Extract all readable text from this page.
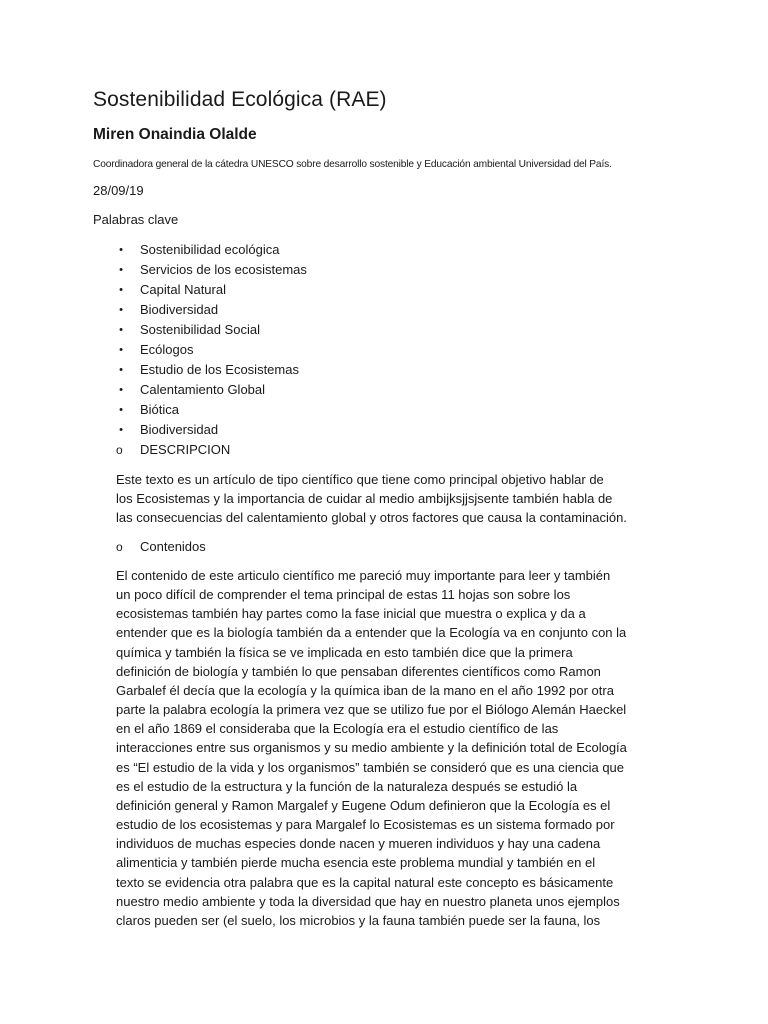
Sostenibilidad Ecológica (RAE)
Miren Onaindia Olalde
Coordinadora general de la cátedra UNESCO sobre desarrollo sostenible y Educación ambiental Universidad del País.
28/09/19
Palabras clave
• Sostenibilidad ecológica
• Servicios de los ecosistemas
• Capital Natural
• Biodiversidad
• Sostenibilidad Social
• Ecólogos
• Estudio de los Ecosistemas
• Calentamiento Global
• Biótica
• Biodiversidad
o DESCRIPCION

Este texto es un artículo de tipo científico que tiene como principal objetivo hablar de
los Ecosistemas y la importancia de cuidar al medio ambijksjjsjsente también habla de
las consecuencias del calentamiento global y otros factores que causa la contaminación.

o Contenidos

El contenido de este articulo científico me pareció muy importante para leer y también
un poco difícil de comprender el tema principal de estas 11 hojas son sobre los
ecosistemas también hay partes como la fase inicial que muestra o explica y da a
entender que es la biología también da a entender que la Ecología va en conjunto con la
química y también la física se ve implicada en esto también dice que la primera
definición de biología y también lo que pensaban diferentes científicos como Ramon
Garbalef él decía que la ecología y la química iban de la mano en el año 1992 por otra
parte la palabra ecología la primera vez que se utilizo fue por el Biólogo Alemán Haeckel
en el año 1869 el consideraba que la Ecología era el estudio científico de las
interacciones entre sus organismos y su medio ambiente y la definición total de Ecología
es “El estudio de la vida y los organismos” también se consideró que es una ciencia que
es el estudio de la estructura y la función de la naturaleza después se estudió la
definición general y Ramon Margalef y Eugene Odum definieron que la Ecología es el
estudio de los ecosistemas y para Margalef lo Ecosistemas es un sistema formado por
individuos de muchas especies donde nacen y mueren individuos y hay una cadena
alimenticia y también pierde mucha esencia este problema mundial y también en el
texto se evidencia otra palabra que es la capital natural este concepto es básicamente
nuestro medio ambiente y toda la diversidad que hay en nuestro planeta unos ejemplos
claros pueden ser (el suelo, los microbios y la fauna también puede ser la fauna, los
